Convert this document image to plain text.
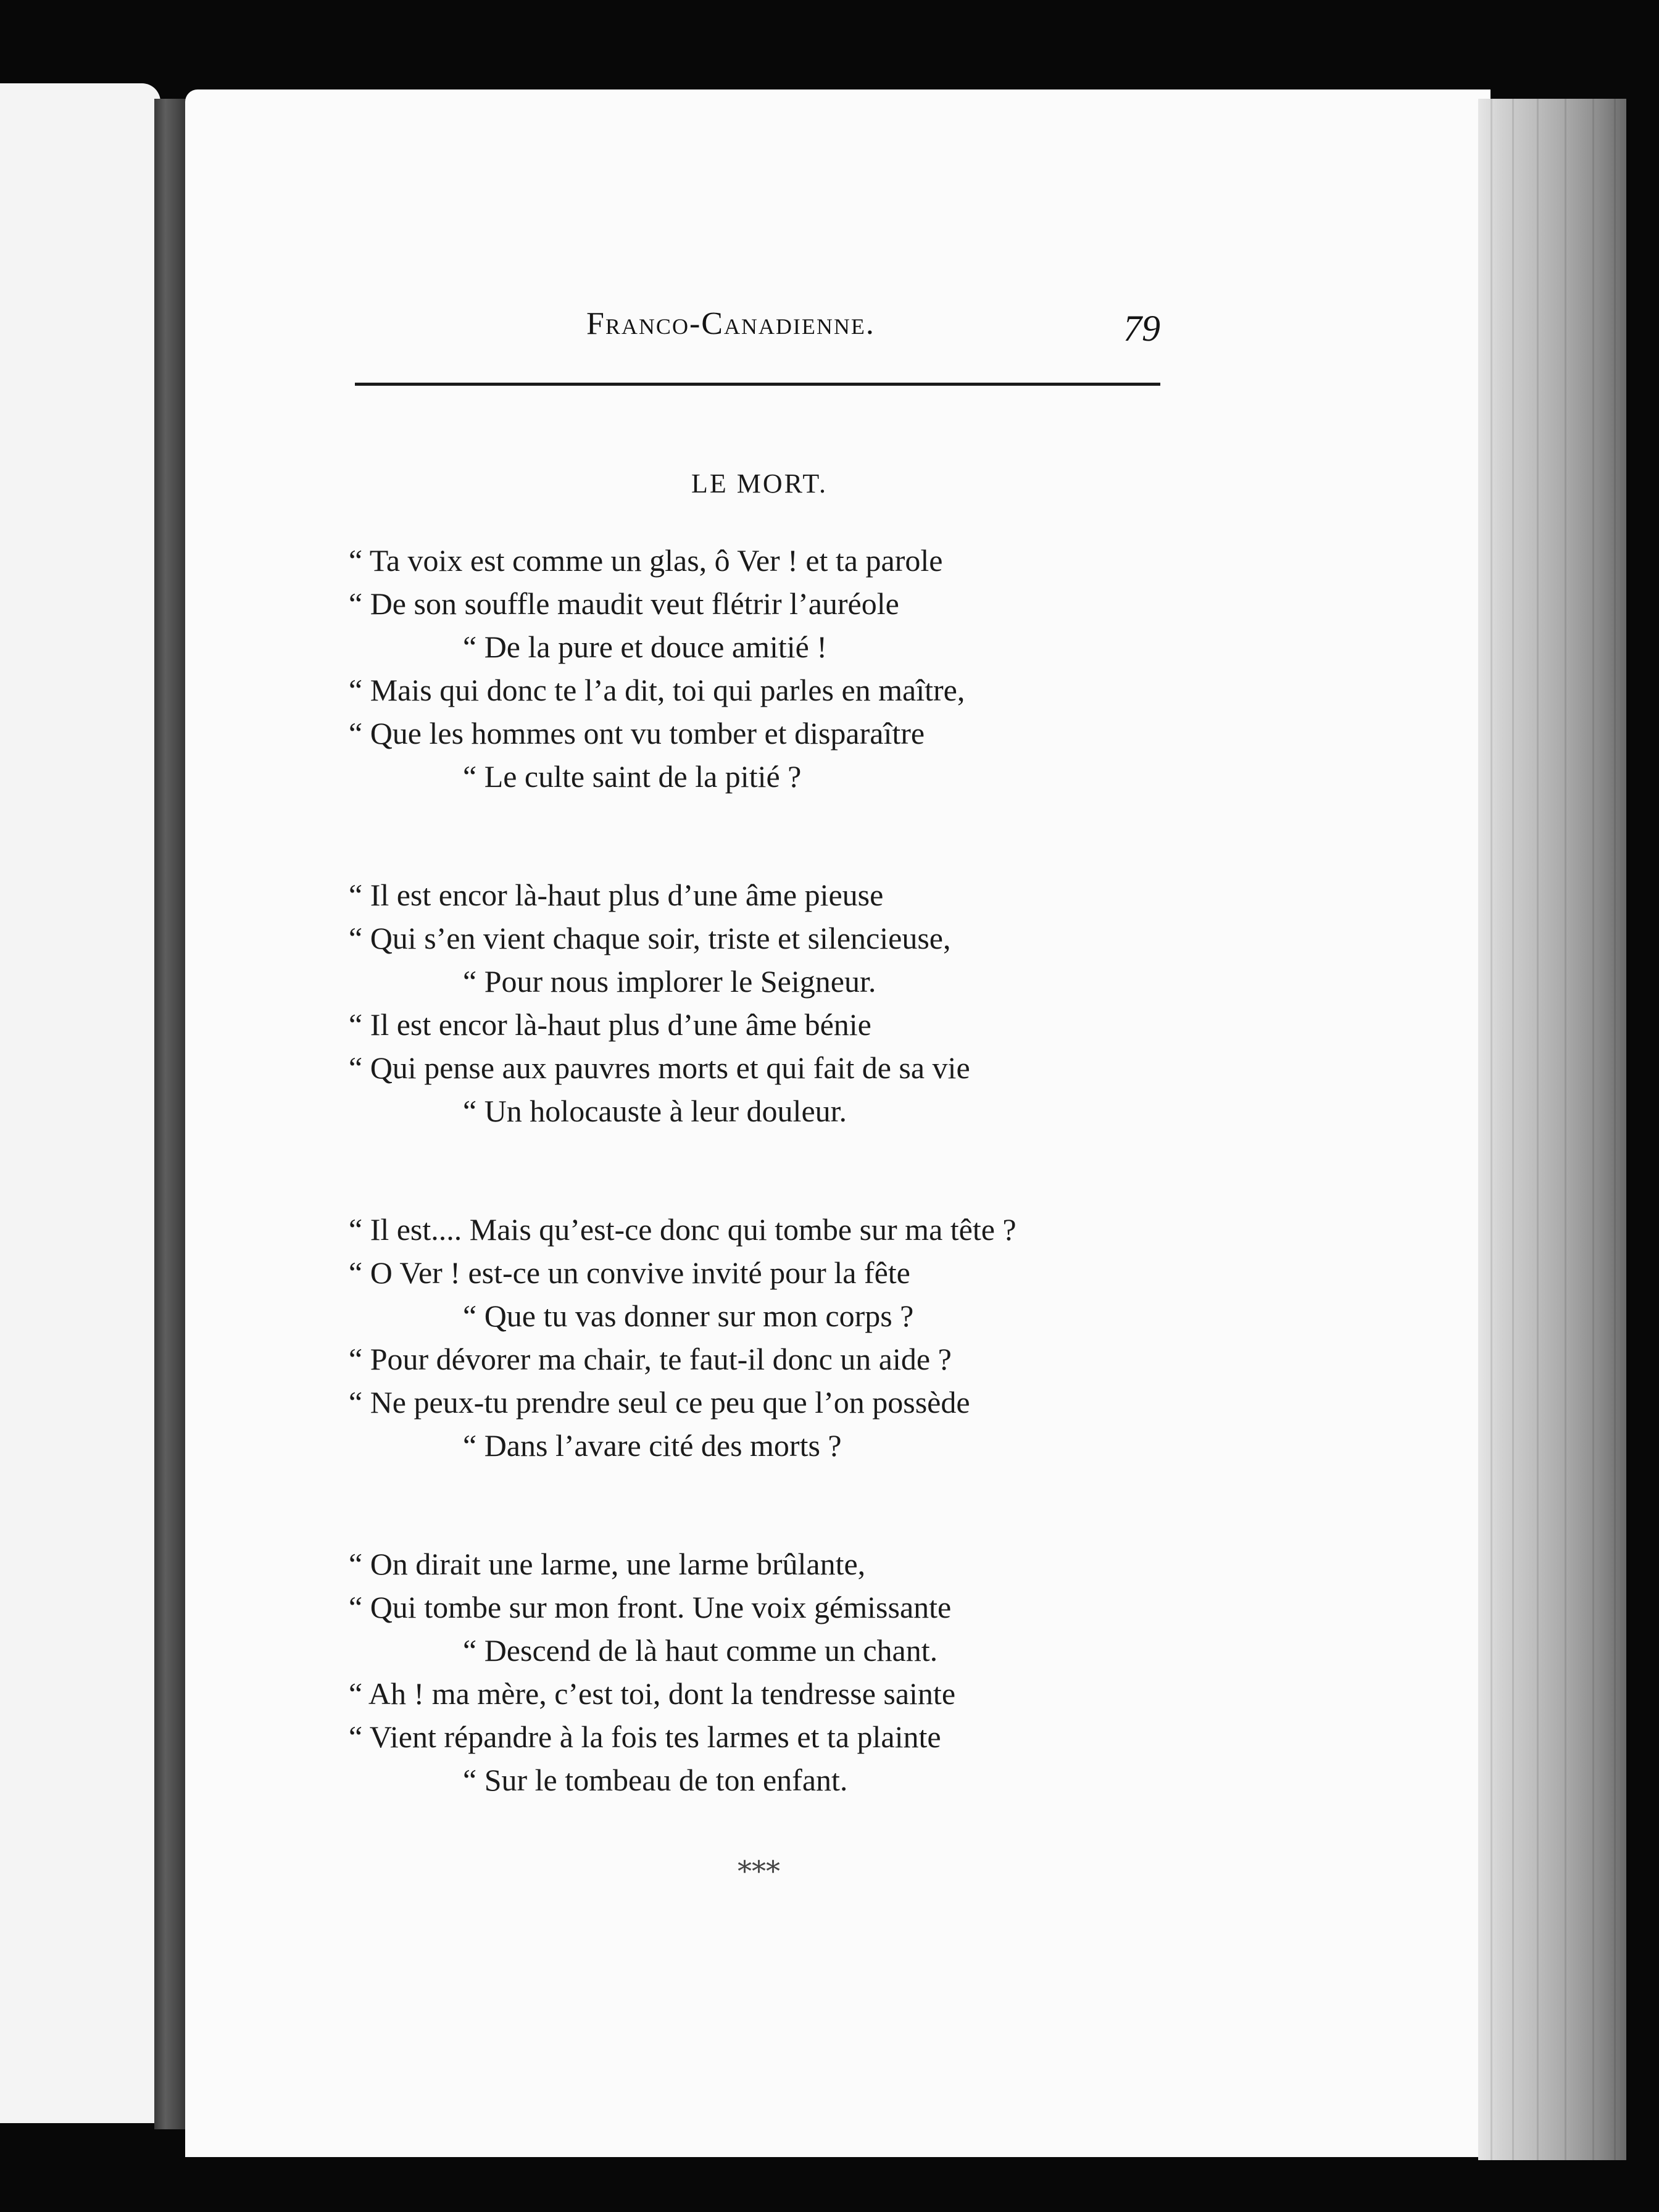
Franco-Canadienne.	79
LE MORT.
“ Ta voix est comme un glas, ô Ver ! et ta parole
“ De son souffle maudit veut flétrir l’auréole
“ De la pure et douce amitié !
“ Mais qui donc te l’a dit, toi qui parles en maître,
“ Que les hommes ont vu tomber et disparaître
“ Le culte saint de la pitié ?
“ Il est encor là-haut plus d’une âme pieuse
“ Qui s’en vient chaque soir, triste et silencieuse,
“ Pour nous implorer le Seigneur.
“ Il est encor là-haut plus d’une âme bénie
“ Qui pense aux pauvres morts et qui fait de sa vie
“ Un holocauste à leur douleur.
“ Il est.... Mais qu’est-ce donc qui tombe sur ma tête ?
“ O Ver ! est-ce un convive invité pour la fête
“ Que tu vas donner sur mon corps ?
“ Pour dévorer ma chair, te faut-il donc un aide ?
“ Ne peux-tu prendre seul ce peu que l’on possède
“ Dans l’avare cité des morts ?
“ On dirait une larme, une larme brûlante,
“ Qui tombe sur mon front. Une voix gémissante
“ Descend de là haut comme un chant.
“ Ah ! ma mère, c’est toi, dont la tendresse sainte
“ Vient répandre à la fois tes larmes et ta plainte
“ Sur le tombeau de ton enfant.
⁎⁎⁎
